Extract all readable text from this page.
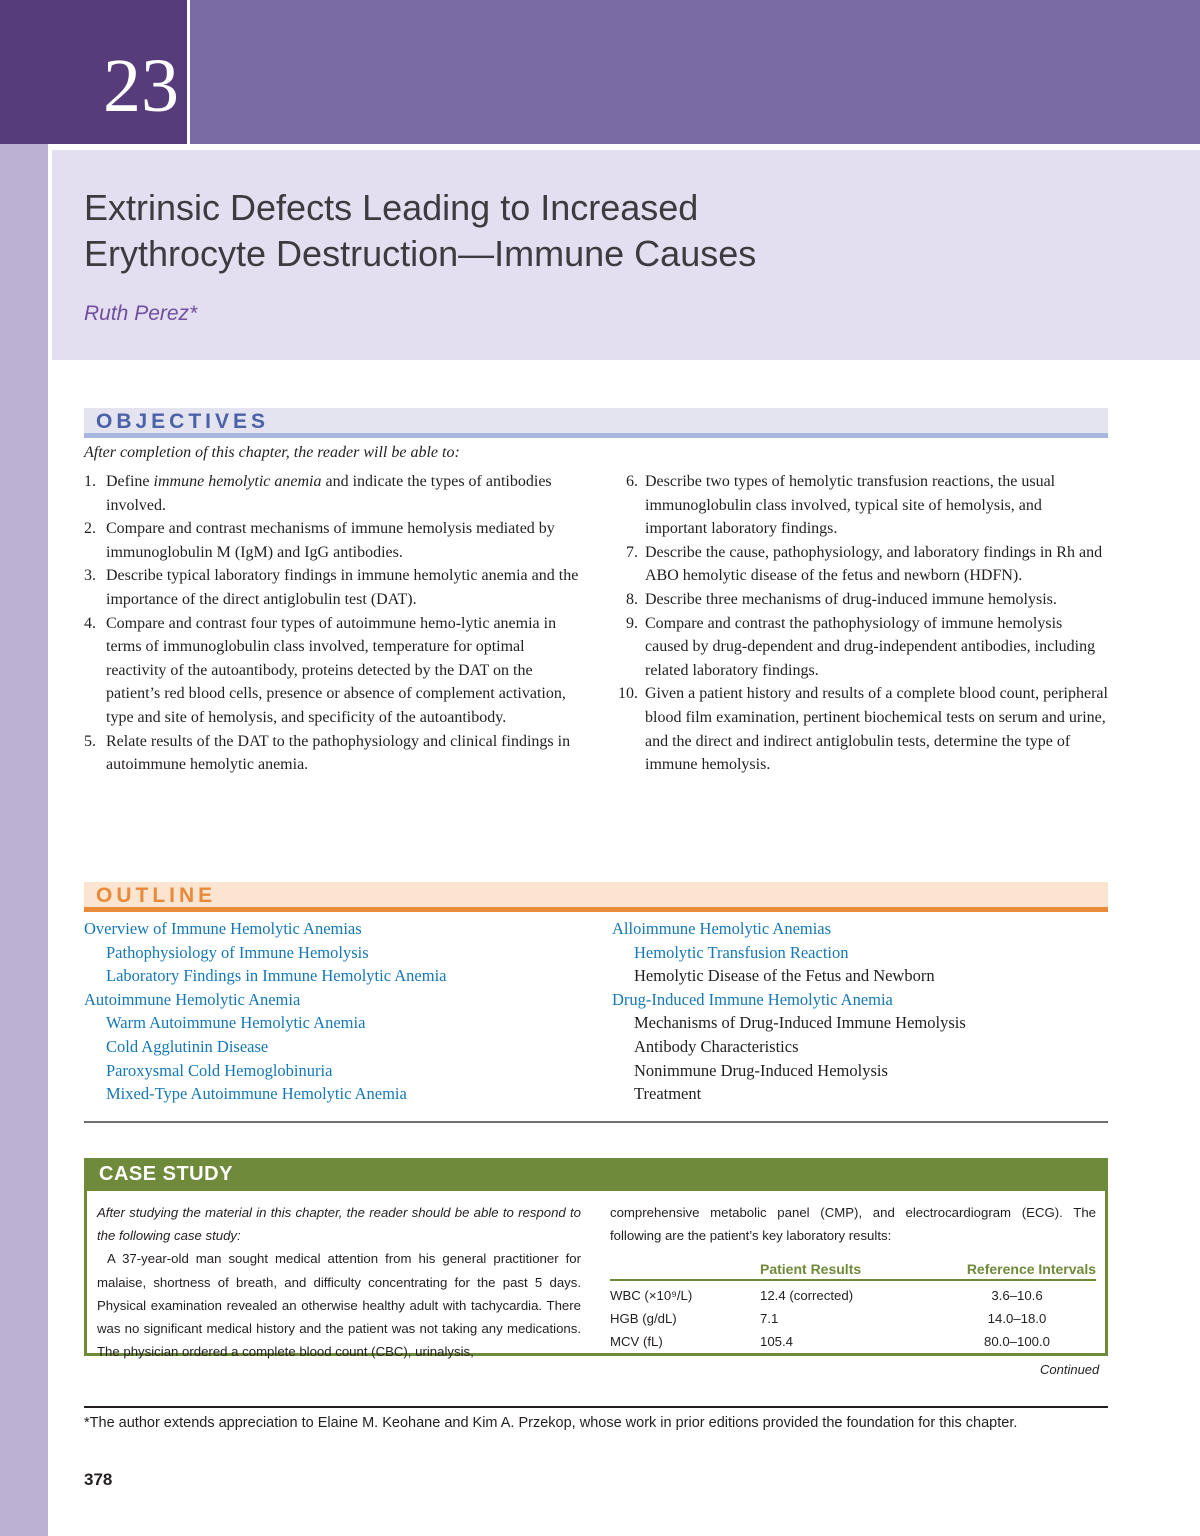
23
Extrinsic Defects Leading to Increased
Erythrocyte Destruction—Immune Causes
Ruth Perez*
OBJECTIVES
After completion of this chapter, the reader will be able to:
1. Define immune hemolytic anemia and indicate the types of antibodies involved.
2. Compare and contrast mechanisms of immune hemolysis mediated by immunoglobulin M (IgM) and IgG antibodies.
3. Describe typical laboratory findings in immune hemolytic anemia and the importance of the direct antiglobulin test (DAT).
4. Compare and contrast four types of autoimmune hemo-lytic anemia in terms of immunoglobulin class involved, temperature for optimal reactivity of the autoantibody, proteins detected by the DAT on the patient’s red blood cells, presence or absence of complement activation, type and site of hemolysis, and specificity of the autoantibody.
5. Relate results of the DAT to the pathophysiology and clinical findings in autoimmune hemolytic anemia.
6. Describe two types of hemolytic transfusion reactions, the usual immunoglobulin class involved, typical site of hemolysis, and important laboratory findings.
7. Describe the cause, pathophysiology, and laboratory findings in Rh and ABO hemolytic disease of the fetus and newborn (HDFN).
8. Describe three mechanisms of drug-induced immune hemolysis.
9. Compare and contrast the pathophysiology of immune hemolysis caused by drug-dependent and drug-independent antibodies, including related laboratory findings.
10. Given a patient history and results of a complete blood count, peripheral blood film examination, pertinent biochemical tests on serum and urine, and the direct and indirect antiglobulin tests, determine the type of immune hemolysis.
OUTLINE
Overview of Immune Hemolytic Anemias
Pathophysiology of Immune Hemolysis
Laboratory Findings in Immune Hemolytic Anemia
Autoimmune Hemolytic Anemia
Warm Autoimmune Hemolytic Anemia
Cold Agglutinin Disease
Paroxysmal Cold Hemoglobinuria
Mixed-Type Autoimmune Hemolytic Anemia
Alloimmune Hemolytic Anemias
Hemolytic Transfusion Reaction
Hemolytic Disease of the Fetus and Newborn
Drug-Induced Immune Hemolytic Anemia
Mechanisms of Drug-Induced Immune Hemolysis
Antibody Characteristics
Nonimmune Drug-Induced Hemolysis
Treatment
CASE STUDY
After studying the material in this chapter, the reader should be able to respond to the following case study:
A 37-year-old man sought medical attention from his general practitioner for malaise, shortness of breath, and difficulty concentrating for the past 5 days. Physical examination revealed an otherwise healthy adult with tachycardia. There was no significant medical history and the patient was not taking any medications. The physician ordered a complete blood count (CBC), urinalysis,
comprehensive metabolic panel (CMP), and electrocardiogram (ECG). The following are the patient’s key laboratory results:
	Patient Results	Reference Intervals
WBC (×10⁹/L)	12.4 (corrected)	3.6–10.6
HGB (g/dL)	7.1	14.0–18.0
MCV (fL)	105.4	80.0–100.0
Continued
*The author extends appreciation to Elaine M. Keohane and Kim A. Przekop, whose work in prior editions provided the foundation for this chapter.
378
